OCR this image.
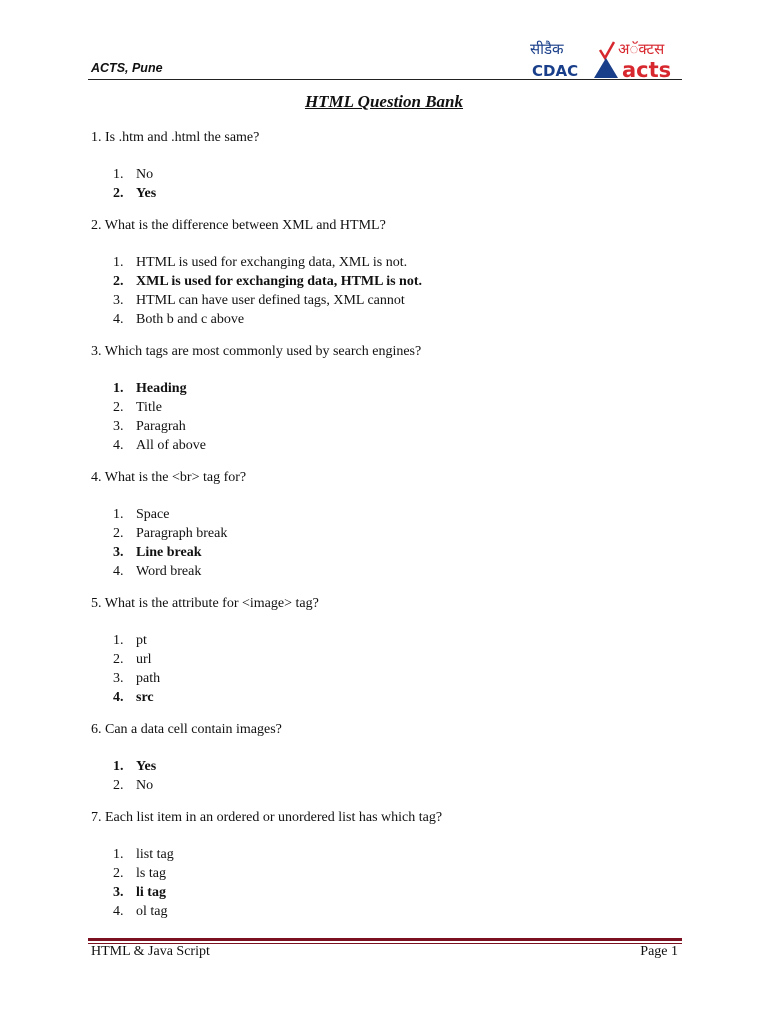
ACTS, Pune
सीडैक
CDAC
अॅक्टस
acts
HTML Question Bank
1. Is .htm and .html the same?
1. No
2. Yes
2. What is the difference between XML and HTML?
1. HTML is used for exchanging data, XML is not.
2. XML is used for exchanging data, HTML is not.
3. HTML can have user defined tags, XML cannot
4. Both b and c above
3. Which tags are most commonly used by search engines?
1. Heading
2. Title
3. Paragrah
4. All of above
4. What is the <br> tag for?
1. Space
2. Paragraph break
3. Line break
4. Word break
5. What is the attribute for <image> tag?
1. pt
2. url
3. path
4. src
6. Can a data cell contain images?
1. Yes
2. No
7. Each list item in an ordered or unordered list has which tag?
1. list tag
2. ls tag
3. li tag
4. ol tag
HTML & Java Script	Page 1
